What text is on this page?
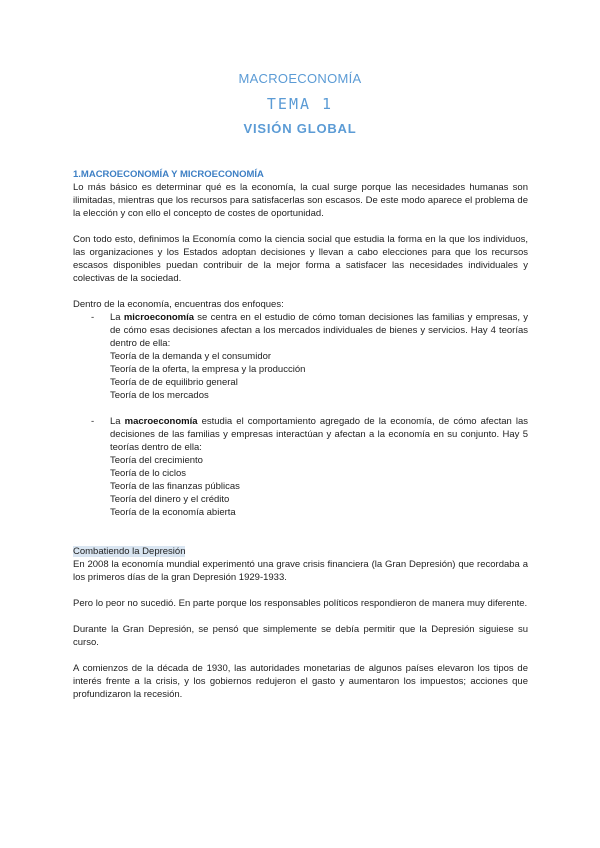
MACROECONOMÍA
TEMA 1
VISIÓN GLOBAL
1.MACROECONOMÍA Y MICROECONOMÍA

Lo más básico es determinar qué es la economía, la cual surge porque las necesidades humanas son ilimitadas, mientras que los recursos para satisfacerlas son escasos. De este modo aparece el problema de la elección y con ello el concepto de costes de oportunidad.

Con todo esto, definimos la Economía como la ciencia social que estudia la forma en la que los individuos, las organizaciones y los Estados adoptan decisiones y llevan a cabo elecciones para que los recursos escasos disponibles puedan contribuir de la mejor forma a satisfacer las necesidades individuales y colectivas de la sociedad.

Dentro de la economía, encuentras dos enfoques:

- La microeconomía se centra en el estudio de cómo toman decisiones las familias y empresas, y de cómo esas decisiones afectan a los mercados individuales de bienes y servicios. Hay 4 teorías dentro de ella:

Teoría de la demanda y el consumidor
Teoría de la oferta, la empresa y la producción
Teoría de de equilibrio general
Teoría de los mercados
- La macroeconomía estudia el comportamiento agregado de la economía, de cómo afectan las decisiones de las familias y empresas interactúan y afectan a la economía en su conjunto. Hay 5 teorías dentro de ella:

Teoría del crecimiento
Teoría de lo ciclos
Teoría de las finanzas públicas
Teoría del dinero y el crédito
Teoría de la economía abierta
Combatiendo la Depresión

En 2008 la economía mundial experimentó una grave crisis financiera (la Gran Depresión) que recordaba a los primeros días de la gran Depresión 1929-1933.

Pero lo peor no sucedió. En parte porque los responsables políticos respondieron de manera muy diferente.

Durante la Gran Depresión, se pensó que simplemente se debía permitir que la Depresión siguiese su curso.

A comienzos de la década de 1930, las autoridades monetarias de algunos países elevaron los tipos de interés frente a la crisis, y los gobiernos redujeron el gasto y aumentaron los impuestos; acciones que profundizaron la recesión.
